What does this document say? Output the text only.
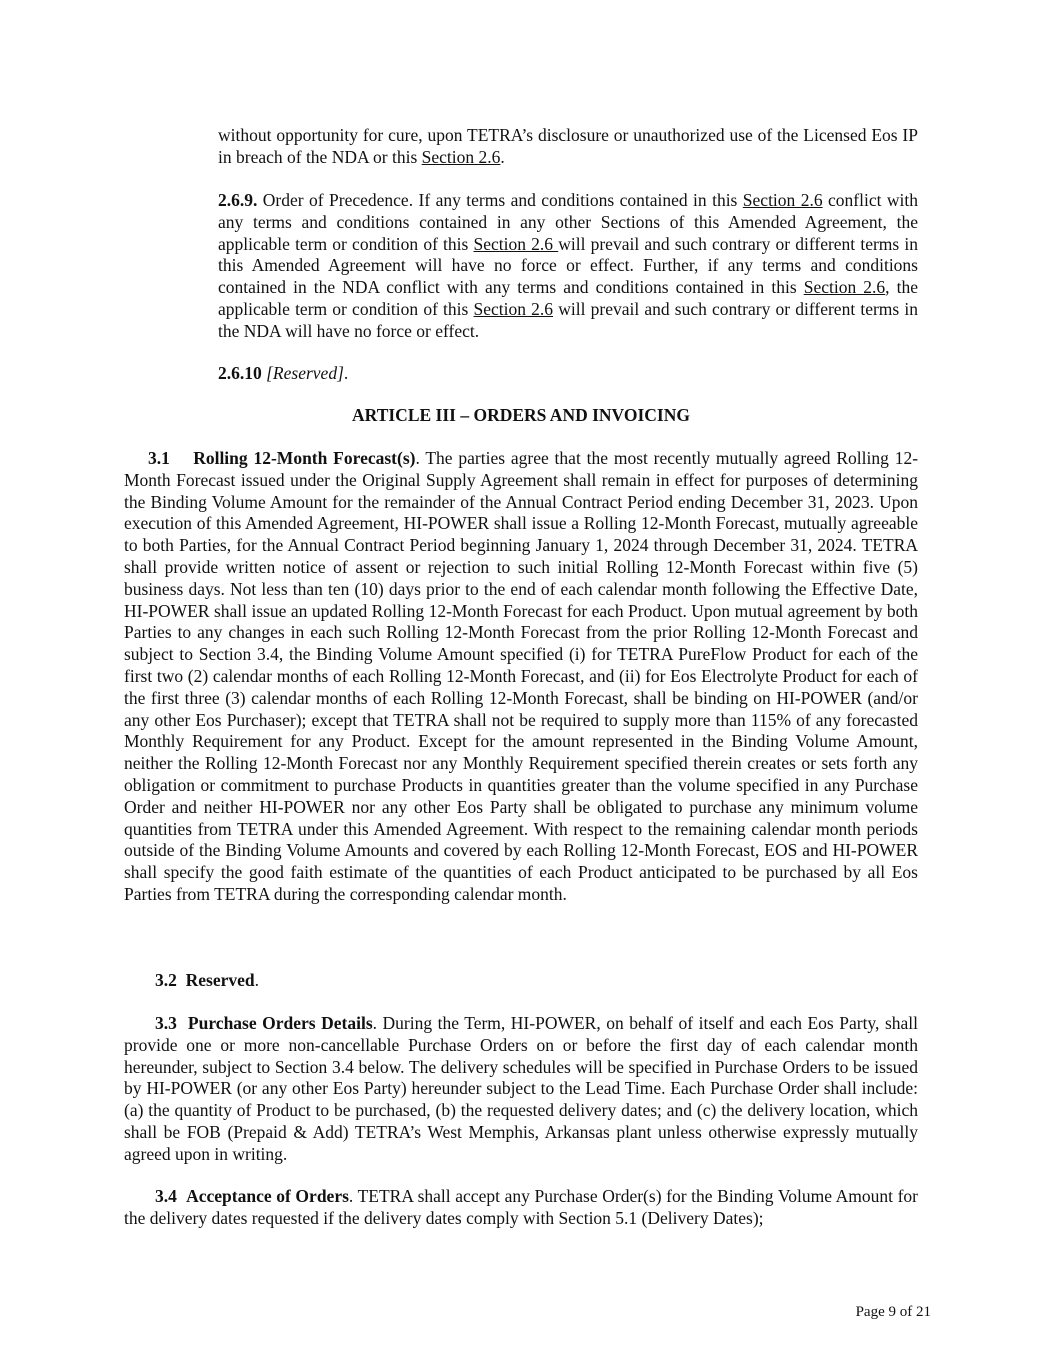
without opportunity for cure, upon TETRA’s disclosure or unauthorized use of the Licensed Eos IP in breach of the NDA or this Section 2.6.

2.6.9. Order of Precedence. If any terms and conditions contained in this Section 2.6 conflict with any terms and conditions contained in any other Sections of this Amended Agreement, the applicable term or condition of this Section 2.6 will prevail and such contrary or different terms in this Amended Agreement will have no force or effect. Further, if any terms and conditions contained in the NDA conflict with any terms and conditions contained in this Section 2.6, the applicable term or condition of this Section 2.6 will prevail and such contrary or different terms in the NDA will have no force or effect.

2.6.10 [Reserved].

ARTICLE III – ORDERS AND INVOICING

3.1 Rolling 12-Month Forecast(s). The parties agree that the most recently mutually agreed Rolling 12-Month Forecast issued under the Original Supply Agreement shall remain in effect for purposes of determining the Binding Volume Amount for the remainder of the Annual Contract Period ending December 31, 2023. Upon execution of this Amended Agreement, HI-POWER shall issue a Rolling 12-Month Forecast, mutually agreeable to both Parties, for the Annual Contract Period beginning January 1, 2024 through December 31, 2024. TETRA shall provide written notice of assent or rejection to such initial Rolling 12-Month Forecast within five (5) business days. Not less than ten (10) days prior to the end of each calendar month following the Effective Date, HI-POWER shall issue an updated Rolling 12-Month Forecast for each Product. Upon mutual agreement by both Parties to any changes in each such Rolling 12-Month Forecast from the prior Rolling 12-Month Forecast and subject to Section 3.4, the Binding Volume Amount specified (i) for TETRA PureFlow Product for each of the first two (2) calendar months of each Rolling 12-Month Forecast, and (ii) for Eos Electrolyte Product for each of the first three (3) calendar months of each Rolling 12-Month Forecast, shall be binding on HI-POWER (and/or any other Eos Purchaser); except that TETRA shall not be required to supply more than 115% of any forecasted Monthly Requirement for any Product. Except for the amount represented in the Binding Volume Amount, neither the Rolling 12-Month Forecast nor any Monthly Requirement specified therein creates or sets forth any obligation or commitment to purchase Products in quantities greater than the volume specified in any Purchase Order and neither HI-POWER nor any other Eos Party shall be obligated to purchase any minimum volume quantities from TETRA under this Amended Agreement. With respect to the remaining calendar month periods outside of the Binding Volume Amounts and covered by each Rolling 12-Month Forecast, EOS and HI-POWER shall specify the good faith estimate of the quantities of each Product anticipated to be purchased by all Eos Parties from TETRA during the corresponding calendar month.

3.2 Reserved.

3.3 Purchase Orders Details. During the Term, HI-POWER, on behalf of itself and each Eos Party, shall provide one or more non-cancellable Purchase Orders on or before the first day of each calendar month hereunder, subject to Section 3.4 below. The delivery schedules will be specified in Purchase Orders to be issued by HI-POWER (or any other Eos Party) hereunder subject to the Lead Time. Each Purchase Order shall include: (a) the quantity of Product to be purchased, (b) the requested delivery dates; and (c) the delivery location, which shall be FOB (Prepaid & Add) TETRA’s West Memphis, Arkansas plant unless otherwise expressly mutually agreed upon in writing.

3.4 Acceptance of Orders. TETRA shall accept any Purchase Order(s) for the Binding Volume Amount for the delivery dates requested if the delivery dates comply with Section 5.1 (Delivery Dates);

Page 9 of 21
